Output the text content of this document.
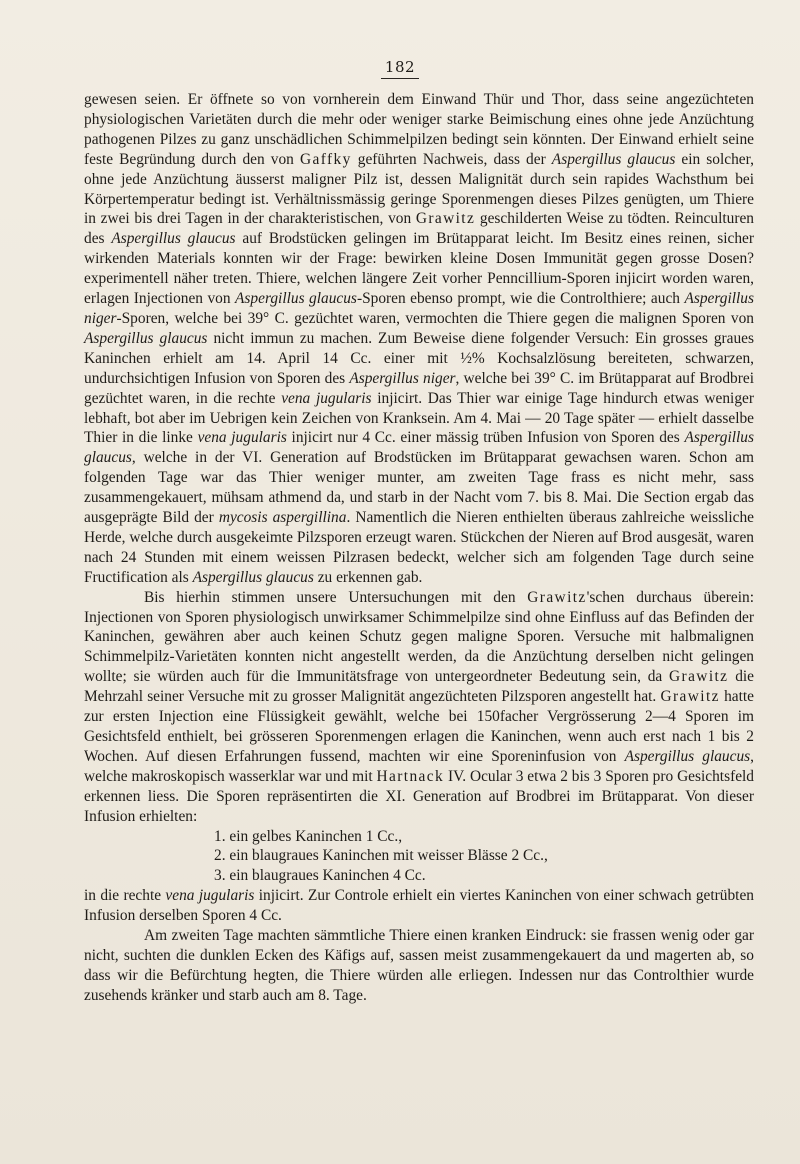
182

gewesen seien. Er öffnete so von vornherein dem Einwand Thür und Thor, dass seine angezüchteten physiologischen Varietäten durch die mehr oder weniger starke Beimischung eines ohne jede Anzüchtung pathogenen Pilzes zu ganz unschädlichen Schimmelpilzen bedingt sein könnten. Der Einwand erhielt seine feste Begründung durch den von Gaffky geführten Nachweis, dass der Aspergillus glaucus ein solcher, ohne jede Anzüchtung äusserst maligner Pilz ist, dessen Malignität durch sein rapides Wachsthum bei Körpertemperatur bedingt ist. Verhältnissmässig geringe Sporenmengen dieses Pilzes genügten, um Thiere in zwei bis drei Tagen in der charakteristischen, von Grawitz geschilderten Weise zu tödten. Reinculturen des Aspergillus glaucus auf Brodstücken gelingen im Brütapparat leicht. Im Besitz eines reinen, sicher wirkenden Materials konnten wir der Frage: bewirken kleine Dosen Immunität gegen grosse Dosen? experimentell näher treten. Thiere, welchen längere Zeit vorher Penncillium-Sporen injicirt worden waren, erlagen Injectionen von Aspergillus glaucus-Sporen ebenso prompt, wie die Controlthiere; auch Aspergillus niger-Sporen, welche bei 39° C. gezüchtet waren, vermochten die Thiere gegen die malignen Sporen von Aspergillus glaucus nicht immun zu machen. Zum Beweise diene folgender Versuch: Ein grosses graues Kaninchen erhielt am 14. April 14 Cc. einer mit ½% Kochsalzlösung bereiteten, schwarzen, undurchsichtigen Infusion von Sporen des Aspergillus niger, welche bei 39° C. im Brütapparat auf Brodbrei gezüchtet waren, in die rechte vena jugularis injicirt. Das Thier war einige Tage hindurch etwas weniger lebhaft, bot aber im Uebrigen kein Zeichen von Kranksein. Am 4. Mai — 20 Tage später — erhielt dasselbe Thier in die linke vena jugularis injicirt nur 4 Cc. einer mässig trüben Infusion von Sporen des Aspergillus glaucus, welche in der VI. Generation auf Brodstücken im Brütapparat gewachsen waren. Schon am folgenden Tage war das Thier weniger munter, am zweiten Tage frass es nicht mehr, sass zusammengekauert, mühsam athmend da, und starb in der Nacht vom 7. bis 8. Mai. Die Section ergab das ausgeprägte Bild der mycosis aspergillina. Namentlich die Nieren enthielten überaus zahlreiche weissliche Herde, welche durch ausgekeimte Pilzsporen erzeugt waren. Stückchen der Nieren auf Brod ausgesät, waren nach 24 Stunden mit einem weissen Pilzrasen bedeckt, welcher sich am folgenden Tage durch seine Fructification als Aspergillus glaucus zu erkennen gab.

Bis hierhin stimmen unsere Untersuchungen mit den Grawitz'schen durchaus überein: Injectionen von Sporen physiologisch unwirksamer Schimmelpilze sind ohne Einfluss auf das Befinden der Kaninchen, gewähren aber auch keinen Schutz gegen maligne Sporen. Versuche mit halbmalignen Schimmelpilz-Varietäten konnten nicht angestellt werden, da die Anzüchtung derselben nicht gelingen wollte; sie würden auch für die Immunitätsfrage von untergeordneter Bedeutung sein, da Grawitz die Mehrzahl seiner Versuche mit zu grosser Malignität angezüchteten Pilzsporen angestellt hat. Grawitz hatte zur ersten Injection eine Flüssigkeit gewählt, welche bei 150facher Vergrösserung 2—4 Sporen im Gesichtsfeld enthielt, bei grösseren Sporenmengen erlagen die Kaninchen, wenn auch erst nach 1 bis 2 Wochen. Auf diesen Erfahrungen fussend, machten wir eine Sporeninfusion von Aspergillus glaucus, welche makroskopisch wasserklar war und mit Hartnack IV. Ocular 3 etwa 2 bis 3 Sporen pro Gesichtsfeld erkennen liess. Die Sporen repräsentirten die XI. Generation auf Brodbrei im Brütapparat. Von dieser Infusion erhielten:

1. ein gelbes Kaninchen 1 Cc.,
2. ein blaugraues Kaninchen mit weisser Blässe 2 Cc.,
3. ein blaugraues Kaninchen 4 Cc.

in die rechte vena jugularis injicirt. Zur Controle erhielt ein viertes Kaninchen von einer schwach getrübten Infusion derselben Sporen 4 Cc.

Am zweiten Tage machten sämmtliche Thiere einen kranken Eindruck: sie frassen wenig oder gar nicht, suchten die dunklen Ecken des Käfigs auf, sassen meist zusammengekauert da und magerten ab, so dass wir die Befürchtung hegten, die Thiere würden alle erliegen. Indessen nur das Controlthier wurde zusehends kränker und starb auch am 8. Tage.
